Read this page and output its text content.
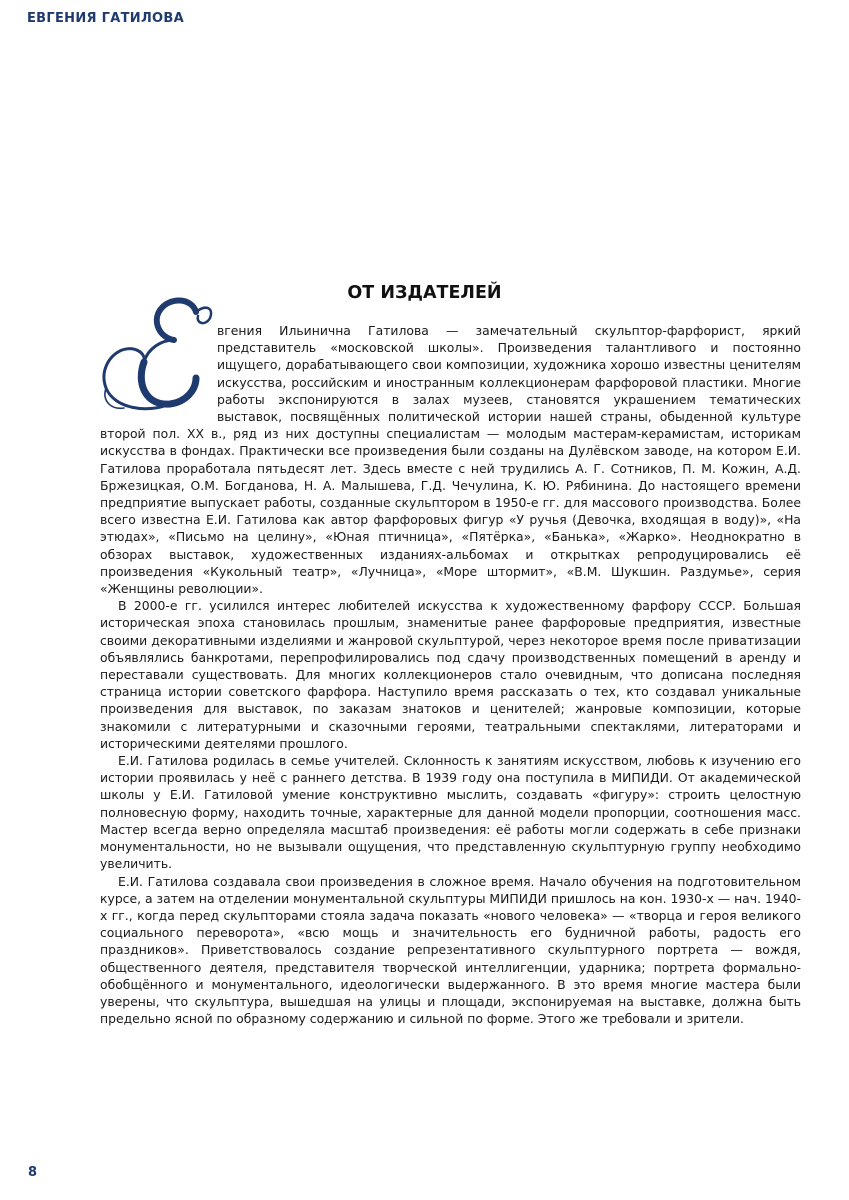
ЕВГЕНИЯ ГАТИЛОВА
ОТ ИЗДАТЕЛЕЙ

вгения Ильинична Гатилова — замечательный скульптор-фарфорист, яркий представитель «московской школы». Произведения талантливого и постоянно ищущего, дорабатывающего свои композиции, художника хорошо известны ценителям искусства, российским и иностранным коллекционерам фарфоровой пластики. Многие работы экспонируются в залах музеев, становятся украшением тематических выставок, посвящённых политической истории нашей страны, обыденной культуре второй пол. XX в., ряд из них доступны специалистам — молодым мастерам-керамистам, историкам искусства в фондах. Практически все произведения были созданы на Дулёвском заводе, на котором Е.И. Гатилова проработала пятьдесят лет. Здесь вместе с ней трудились А. Г. Сотников, П. М. Кожин, А.Д. Бржезицкая, О.М. Богданова, Н. А. Малышева, Г.Д. Чечулина, К. Ю. Рябинина. До настоящего времени предприятие выпускает работы, созданные скульптором в 1950-е гг. для массового производства. Более всего известна Е.И. Гатилова как автор фарфоровых фигур «У ручья (Девочка, входящая в воду)», «На этюдах», «Письмо на целину», «Юная птичница», «Пятёрка», «Банька», «Жарко». Неоднократно в обзорах выставок, художественных изданиях-альбомах и открытках репродуцировались её произведения «Кукольный театр», «Лучница», «Море штормит», «В.М. Шукшин. Раздумье», серия «Женщины революции».

В 2000-е гг. усилился интерес любителей искусства к художественному фарфору СССР. Большая историческая эпоха становилась прошлым, знаменитые ранее фарфоровые предприятия, известные своими декоративными изделиями и жанровой скульптурой, через некоторое время после приватизации объявлялись банкротами, перепрофилировались под сдачу производственных помещений в аренду и переставали существовать. Для многих коллекционеров стало очевидным, что дописана последняя страница истории советского фарфора. Наступило время рассказать о тех, кто создавал уникальные произведения для выставок, по заказам знатоков и ценителей; жанровые композиции, которые знакомили с литературными и сказочными героями, театральными спектаклями, литераторами и историческими деятелями прошлого.

Е.И. Гатилова родилась в семье учителей. Склонность к занятиям искусством, любовь к изучению его истории проявилась у неё с раннего детства. В 1939 году она поступила в МИПИДИ. От академической школы у Е.И. Гатиловой умение конструктивно мыслить, создавать «фигуру»: строить целостную полновесную форму, находить точные, характерные для данной модели пропорции, соотношения масс. Мастер всегда верно определяла масштаб произведения: её работы могли содержать в себе признаки монументальности, но не вызывали ощущения, что представленную скульптурную группу необходимо увеличить.

Е.И. Гатилова создавала свои произведения в сложное время. Начало обучения на подготовительном курсе, а затем на отделении монументальной скульптуры МИПИДИ пришлось на кон. 1930-х — нач. 1940-х гг., когда перед скульпторами стояла задача показать «нового человека» — «творца и героя великого социального переворота», «всю мощь и значительность его будничной работы, радость его праздников». Приветствовалось создание репрезентативного скульптурного портрета — вождя, общественного деятеля, представителя творческой интеллигенции, ударника; портрета формально-обобщённого и монументального, идеологически выдержанного. В это время многие мастера были уверены, что скульптура, вышедшая на улицы и площади, экспонируемая на выставке, должна быть предельно ясной по образному содержанию и сильной по форме. Этого же требовали и зрители.

8
